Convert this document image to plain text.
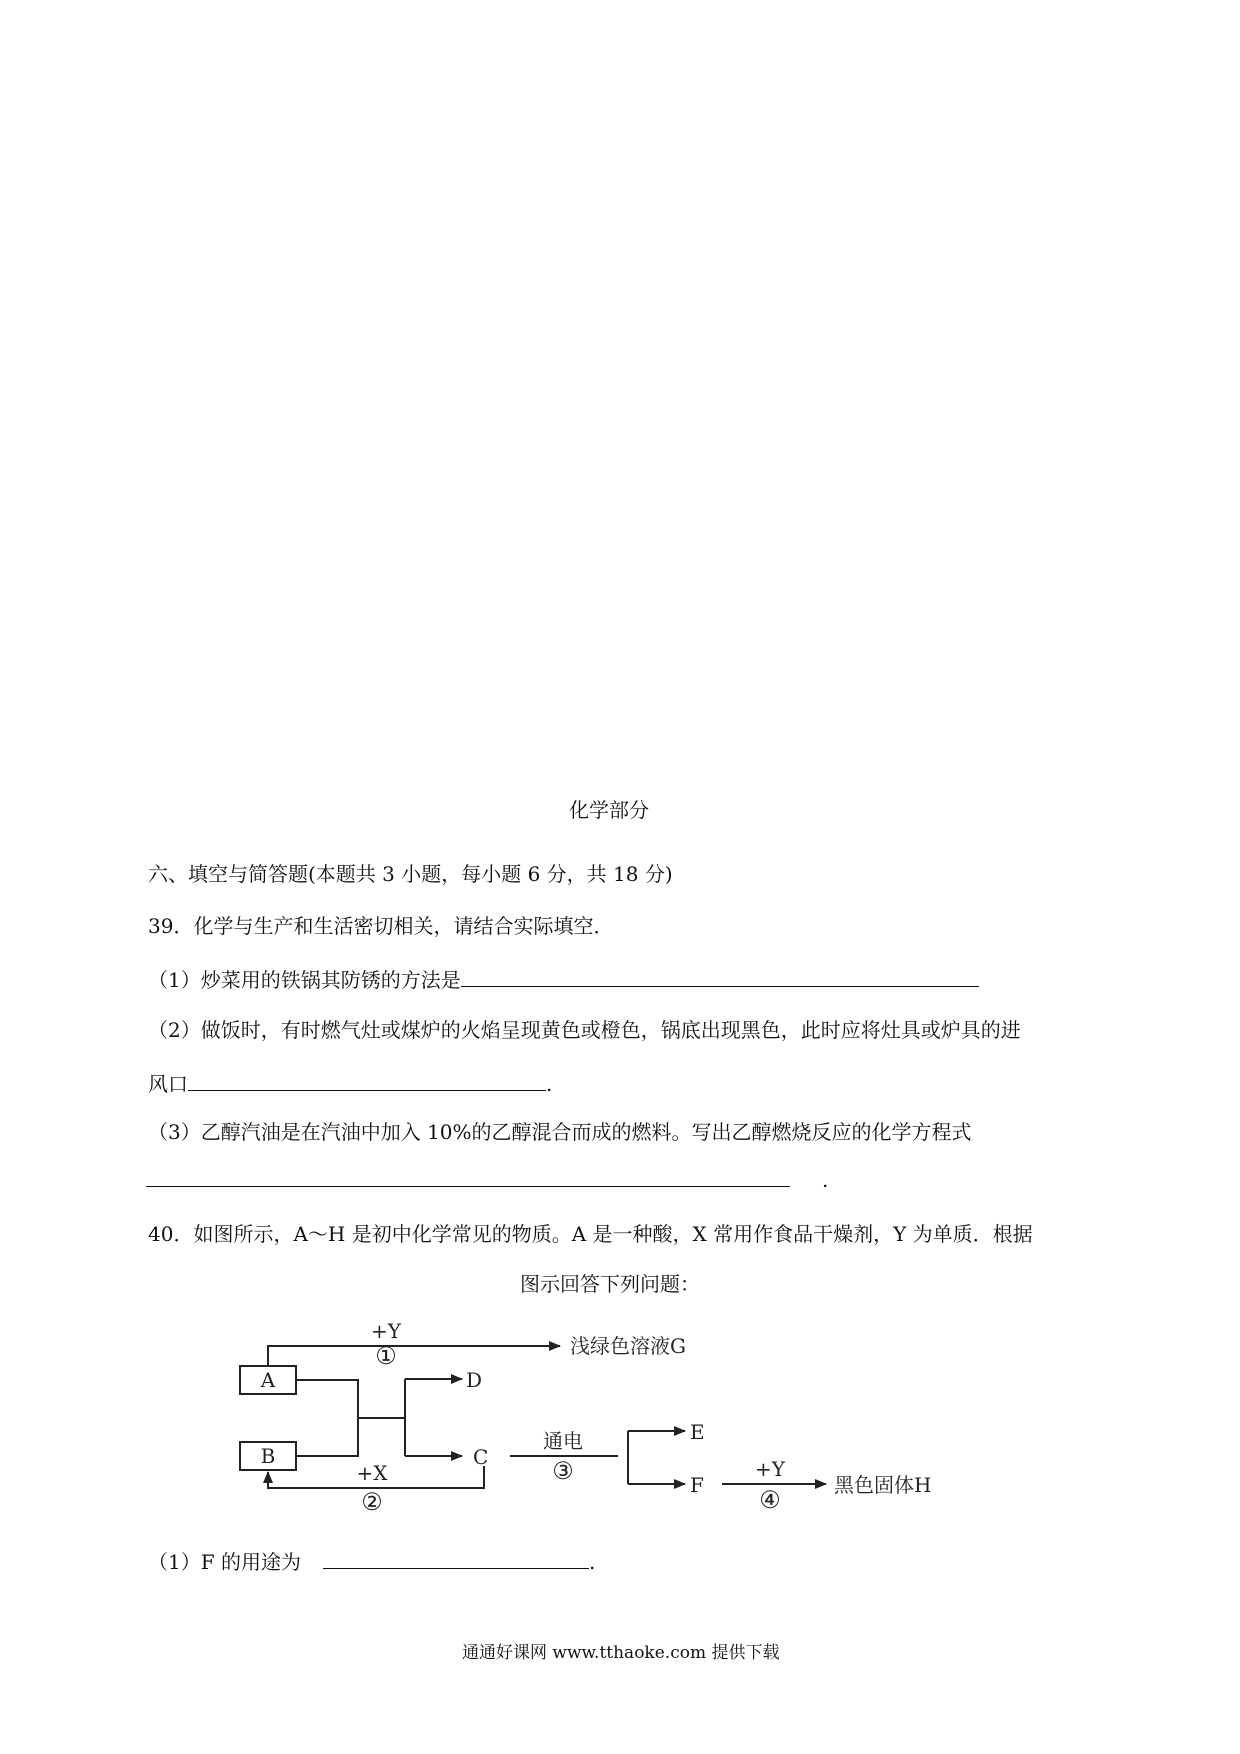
化学部分
六、填空与简答题(本题共 3 小题，每小题 6 分，共 18 分)
39．化学与生产和生活密切相关，请结合实际填空．
（1）炒菜用的铁锅其防锈的方法是
（2）做饭时，有时燃气灶或煤炉的火焰呈现黄色或橙色，锅底出现黑色，此时应将灶具或炉具的进
风口	.
（3）乙醇汽油是在汽油中加入 10%的乙醇混合而成的燃料。写出乙醇燃烧反应的化学方程式
.
40．如图所示，A～H 是初中化学常见的物质。A 是一种酸，X 常用作食品干燥剂，Y 为单质．根据
图示回答下列问题：
+Y
①	浅绿色溶液G
A
B
D
C
+X
②
通电
③
E
F
+Y
④
黑色固体H
（1）F 的用途为	.
通通好课网 www.tthaoke.com 提供下载
